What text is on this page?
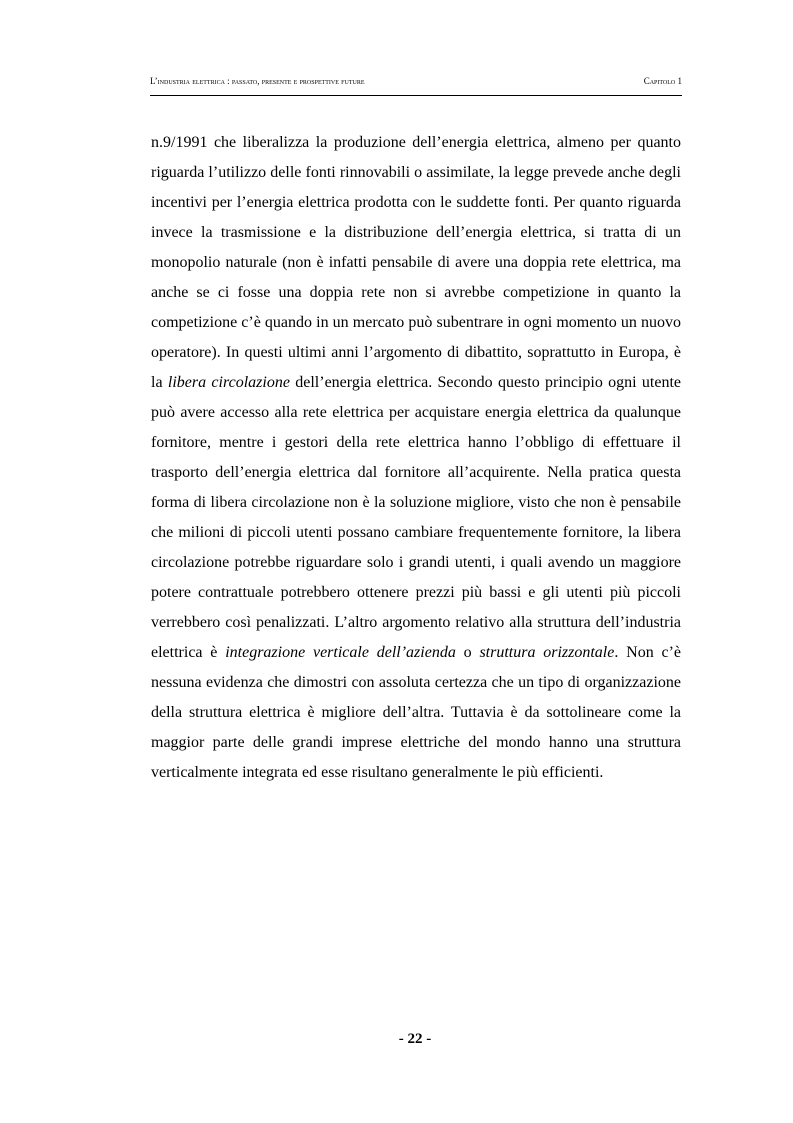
L’industria elettrica : passato, presente e prospettive future	Capitolo 1

n.9/1991 che liberalizza la produzione dell’energia elettrica, almeno per quanto riguarda l’utilizzo delle fonti rinnovabili o assimilate, la legge prevede anche degli incentivi per l’energia elettrica prodotta con le suddette fonti. Per quanto riguarda invece la trasmissione e la distribuzione dell’energia elettrica, si tratta di un monopolio naturale (non è infatti pensabile di avere una doppia rete elettrica, ma anche se ci fosse una doppia rete non si avrebbe competizione in quanto la competizione c’è quando in un mercato può subentrare in ogni momento un nuovo operatore). In questi ultimi anni l’argomento di dibattito, soprattutto in Europa, è la libera circolazione dell’energia elettrica. Secondo questo principio ogni utente può avere accesso alla rete elettrica per acquistare energia elettrica da qualunque fornitore, mentre i gestori della rete elettrica hanno l’obbligo di effettuare il trasporto dell’energia elettrica dal fornitore all’acquirente. Nella pratica questa forma di libera circolazione non è la soluzione migliore, visto che non è pensabile che milioni di piccoli utenti possano cambiare frequentemente fornitore, la libera circolazione potrebbe riguardare solo i grandi utenti, i quali avendo un maggiore potere contrattuale potrebbero ottenere prezzi più bassi e gli utenti più piccoli verrebbero così penalizzati. L’altro argomento relativo alla struttura dell’industria elettrica è integrazione verticale dell’azienda o struttura orizzontale. Non c’è nessuna evidenza che dimostri con assoluta certezza che un tipo di organizzazione della struttura elettrica è migliore dell’altra. Tuttavia è da sottolineare come la maggior parte delle grandi imprese elettriche del mondo hanno una struttura verticalmente integrata ed esse risultano generalmente le più efficienti.

- 22 -
